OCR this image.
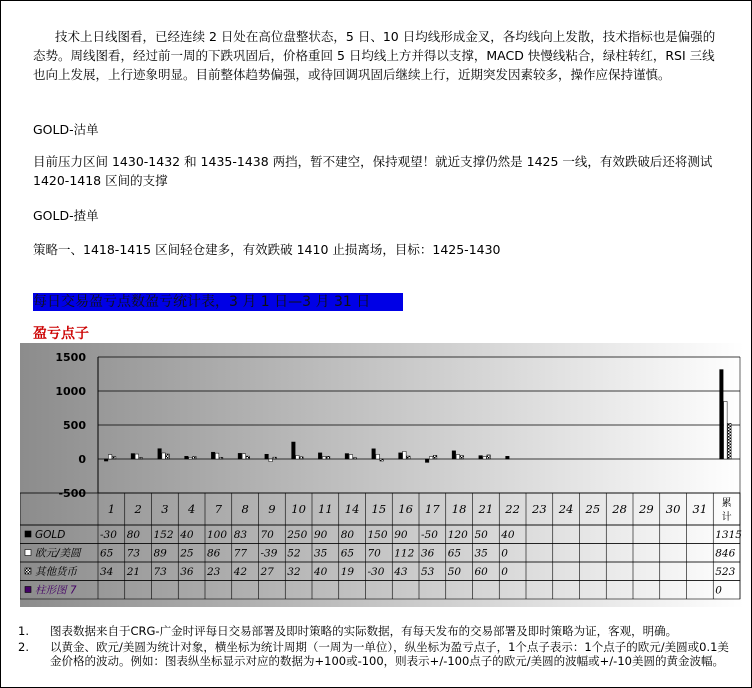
技术上日线图看，已经连续 2 日处在高位盘整状态，5 日、10 日均线形成金叉，各均线向上发散，技术指标也是偏强的态势。周线图看，经过前一周的下跌巩固后，价格重回 5 日均线上方并得以支撑，MACD 快慢线粘合，绿柱转红，RSI 三线也向上发展，上行迹象明显。目前整体趋势偏强，或待回调巩固后继续上行，近期突发因素较多，操作应保持谨慎。

GOLD-沽单

目前压力区间 1430-1432 和 1435-1438 两挡，暂不建空，保持观望！就近支撑仍然是 1425 一线，有效跌破后还将测试 1420-1418 区间的支撑

GOLD-揸单

策略一、1418-1415 区间轻仓建多，有效跌破 1410 止损离场，目标：1425-1430

每日交易盈亏点数盈亏统计表，3 月 1 日—3 月 31 日
盈亏点子
1500
1000
500
0
-500
1 2 3 4 7 8 9 10 11 14 15 16 17 18 21 22 23 24 25 28 29 30 31 累
计
GOLD	-30 80 152 40 100 83 70 250 90 80 150 90 -50 120 50 40	1315
欧元/美圆 65 73 89 25 86 77 -39 52 35 65 70 112 36 65 35 0	846
其他货币 34 21 73 36 23 42 27 32 40 19 -30 43 53 50 60 0	523
柱形图 7	0
1.	图表数据来自于CRG-广金时评每日交易部署及即时策略的实际数据，有每天发布的交易部署及即时策略为证，客观，明确。
2.	以黄金、欧元/美圆为统计对象，横坐标为统计周期（一周为一单位），纵坐标为盈亏点子，1个点子表示：1个点子的欧元/美圆或0.1美金价格的波动。例如：图表纵坐标显示对应的数据为+100或-100，则表示+/-100点子的欧元/美圆的波幅或+/-10美圆的黄金波幅。
